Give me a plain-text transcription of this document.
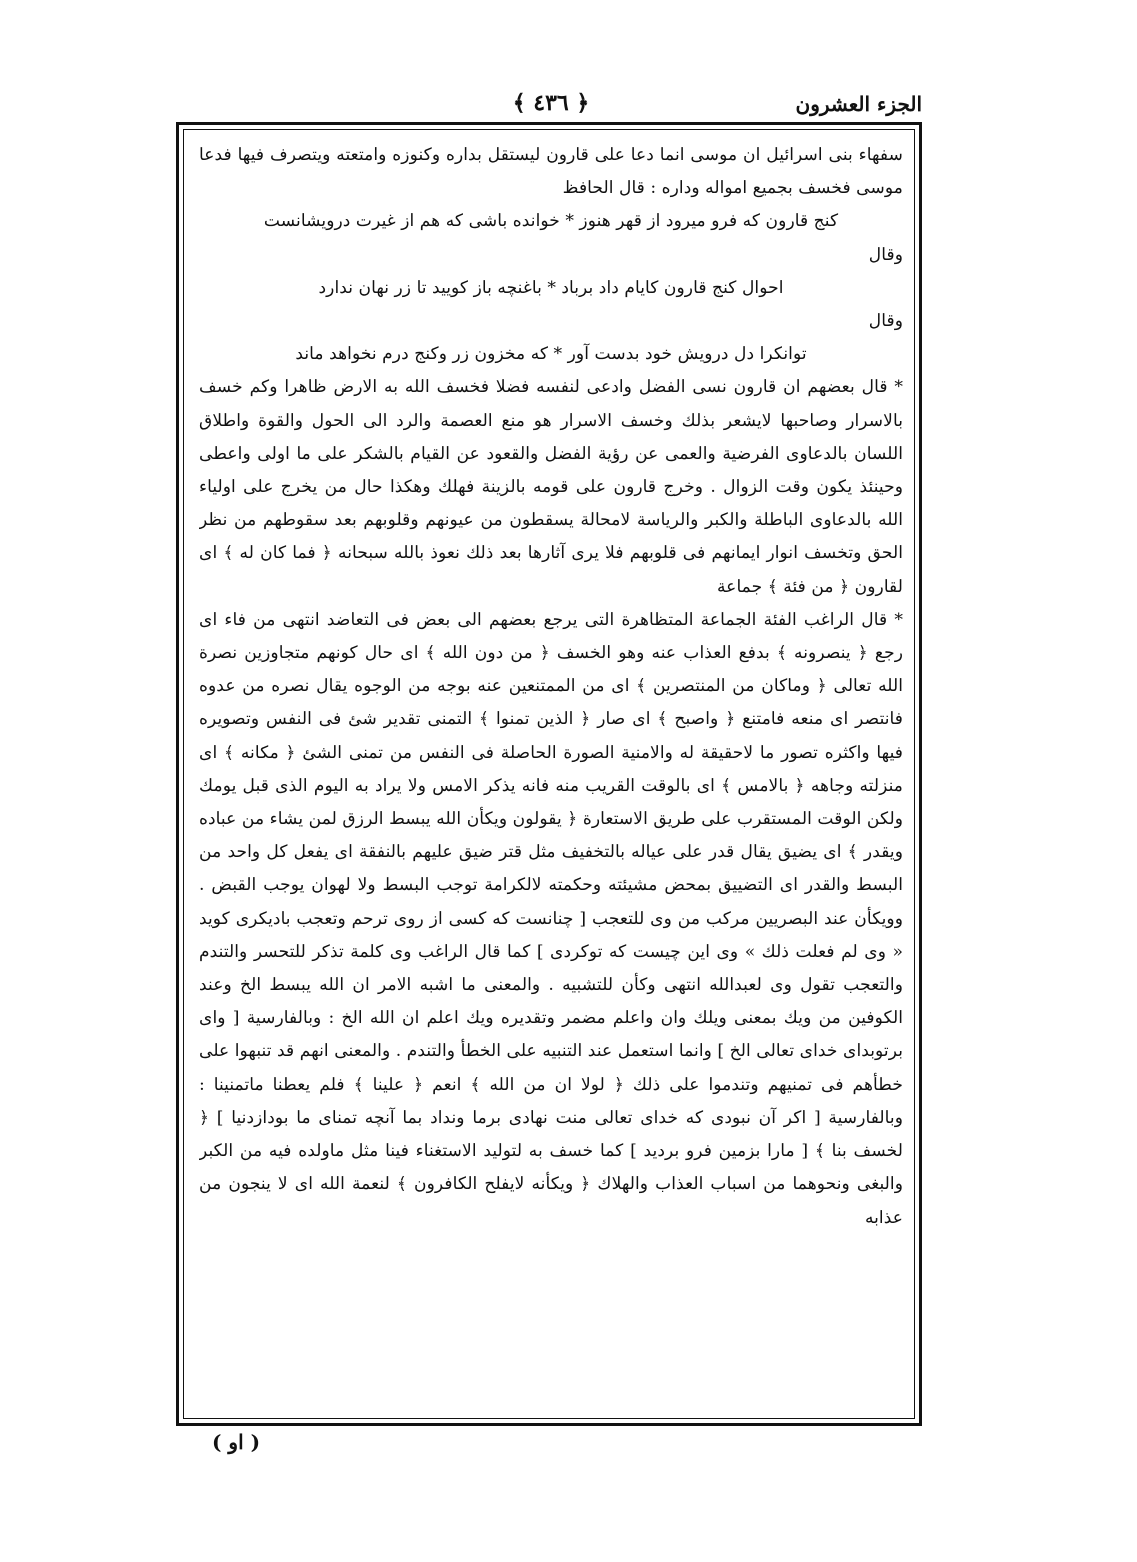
الجزء العشرون
﴾ ٤٣٦ ﴿

سفهاء بنى اسرائيل ان موسى انما دعا على قارون ليستقل بداره وكنوزه وامتعته ويتصرف فيها فدعا موسى فخسف بجميع امواله وداره : قال الحافظ

كنج قارون كه فرو ميرود از قهر هنوز * خوانده باشى كه هم از غيرت درويشانست

وقال

احوال كنج قارون كايام داد برباد * باغنچه باز كوييد تا زر نهان ندارد

وقال

توانكرا دل درويش خود بدست آور * كه مخزون زر وكنج درم نخواهد ماند

* قال بعضهم ان قارون نسى الفضل وادعى لنفسه فضلا فخسف الله به الارض ظاهرا وكم خسف بالاسرار وصاحبها لايشعر بذلك وخسف الاسرار هو منع العصمة والرد الى الحول والقوة واطلاق اللسان بالدعاوى الفرضية والعمى عن رؤية الفضل والقعود عن القيام بالشكر على ما اولى واعطى وحينئذ يكون وقت الزوال . وخرج قارون على قومه بالزينة فهلك وهكذا حال من يخرج على اولياء الله بالدعاوى الباطلة والكبر والرياسة لامحالة يسقطون من عيونهم وقلوبهم بعد سقوطهم من نظر الحق وتخسف انوار ايمانهم فى قلوبهم فلا يرى آثارها بعد ذلك نعوذ بالله سبحانه ﴿ فما كان له ﴾ اى لقارون ﴿ من فئة ﴾ جماعة

* قال الراغب الفئة الجماعة المتظاهرة التى يرجع بعضهم الى بعض فى التعاضد انتهى من فاء اى رجع ﴿ ينصرونه ﴾ بدفع العذاب عنه وهو الخسف ﴿ من دون الله ﴾ اى حال كونهم متجاوزين نصرة الله تعالى ﴿ وماكان من المنتصرين ﴾ اى من الممتنعين عنه بوجه من الوجوه يقال نصره من عدوه فانتصر اى منعه فامتنع ﴿ واصبح ﴾ اى صار ﴿ الذين تمنوا ﴾ التمنى تقدير شئ فى النفس وتصويره فيها واكثره تصور ما لاحقيقة له والامنية الصورة الحاصلة فى النفس من تمنى الشئ ﴿ مكانه ﴾ اى منزلته وجاهه ﴿ بالامس ﴾ اى بالوقت القريب منه فانه يذكر الامس ولا يراد به اليوم الذى قبل يومك ولكن الوقت المستقرب على طريق الاستعارة ﴿ يقولون ويكأن الله يبسط الرزق لمن يشاء من عباده ويقدر ﴾ اى يضيق يقال قدر على عياله بالتخفيف مثل قتر ضيق عليهم بالنفقة اى يفعل كل واحد من البسط والقدر اى التضييق بمحض مشيئته وحكمته لالكرامة توجب البسط ولا لهوان يوجب القبض . وويكأن عند البصريين مركب من وى للتعجب [ چنانست كه كسى از روى ترحم وتعجب باديكرى كويد « وى لم فعلت ذلك » وى اين چيست كه توكردى ] كما قال الراغب وى كلمة تذكر للتحسر والتندم والتعجب تقول وى لعبدالله انتهى وكأن للتشبيه . والمعنى ما اشبه الامر ان الله يبسط الخ وعند الكوفين من ويك بمعنى ويلك وان واعلم مضمر وتقديره ويك اعلم ان الله الخ : وبالفارسية [ واى برتوبداى خداى تعالى الخ ] وانما استعمل عند التنبيه على الخطأ والتندم . والمعنى انهم قد تنبهوا على خطأهم فى تمنيهم وتندموا على ذلك ﴿ لولا ان من الله ﴾ انعم ﴿ علينا ﴾ فلم يعطنا ماتمنينا : وبالفارسية [ اكر آن نبودى كه خداى تعالى منت نهادى برما ونداد بما آنچه تمناى ما بودازدنيا ] ﴿ لخسف بنا ﴾ [ مارا بزمين فرو برديد ] كما خسف به لتوليد الاستغناء فينا مثل ماولده فيه من الكبر والبغى ونحوهما من اسباب العذاب والهلاك ﴿ ويكأنه لايفلح الكافرون ﴾ لنعمة الله اى لا ينجون من عذابه

( او )
